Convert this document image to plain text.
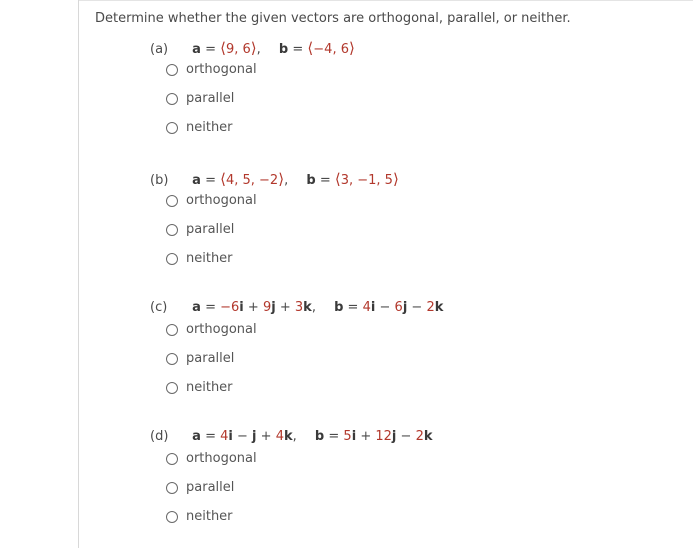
Determine whether the given vectors are orthogonal, parallel, or neither.
(a) a = ⟨9, 6⟩, b = ⟨−4, 6⟩
orthogonal
parallel
neither
(b) a = ⟨4, 5, −2⟩, b = ⟨3, −1, 5⟩
orthogonal
parallel
neither
(c) a = −6i + 9j + 3k, b = 4i − 6j − 2k
orthogonal
parallel
neither
(d) a = 4i − j + 4k, b = 5i + 12j − 2k
orthogonal
parallel
neither
